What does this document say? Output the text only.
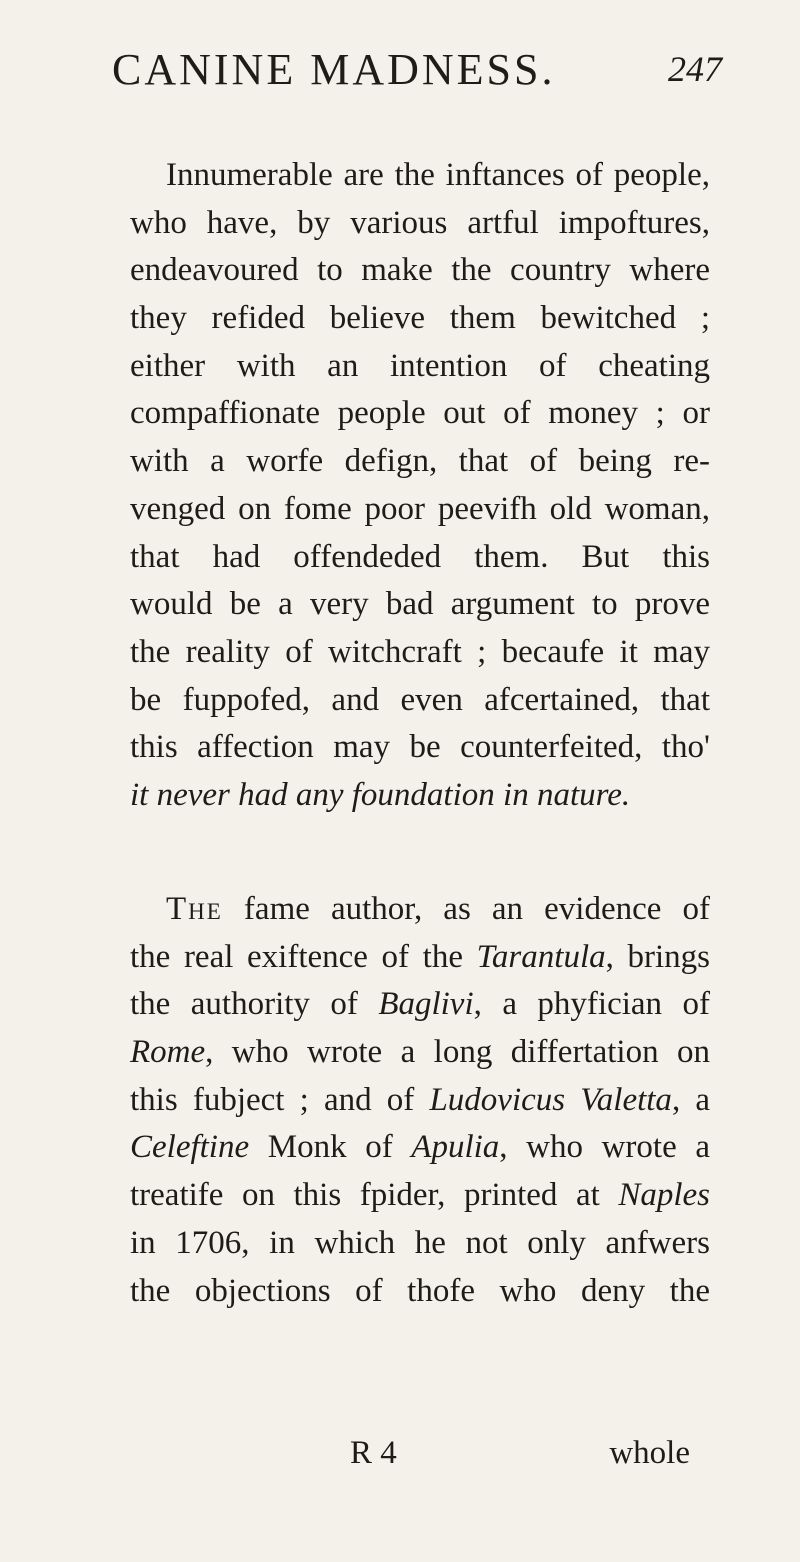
CANINE MADNESS.	247
Innumerable are the inftances of people,
who have, by various artful impoftures,
endeavoured to make the country where
they refided believe them bewitched ;
either with an intention of cheating
compaffionate people out of money ; or
with a worfe defign, that of being re-
venged on fome poor peevifh old woman,
that had offendeded them. But this
would be a very bad argument to prove
the reality of witchcraft ; becaufe it may
be fuppofed, and even afcertained, that
this affection may be counterfeited, tho'
it never had any foundation in nature.
The fame author, as an evidence of
the real exiftence of the Tarantula, brings
the authority of Baglivi, a phyfician of
Rome, who wrote a long differtation on
this fubject ; and of Ludovicus Valetta, a
Celeftine Monk of Apulia, who wrote a
treatife on this fpider, printed at Naples
in 1706, in which he not only anfwers
the objections of thofe who deny the
R 4	whole
